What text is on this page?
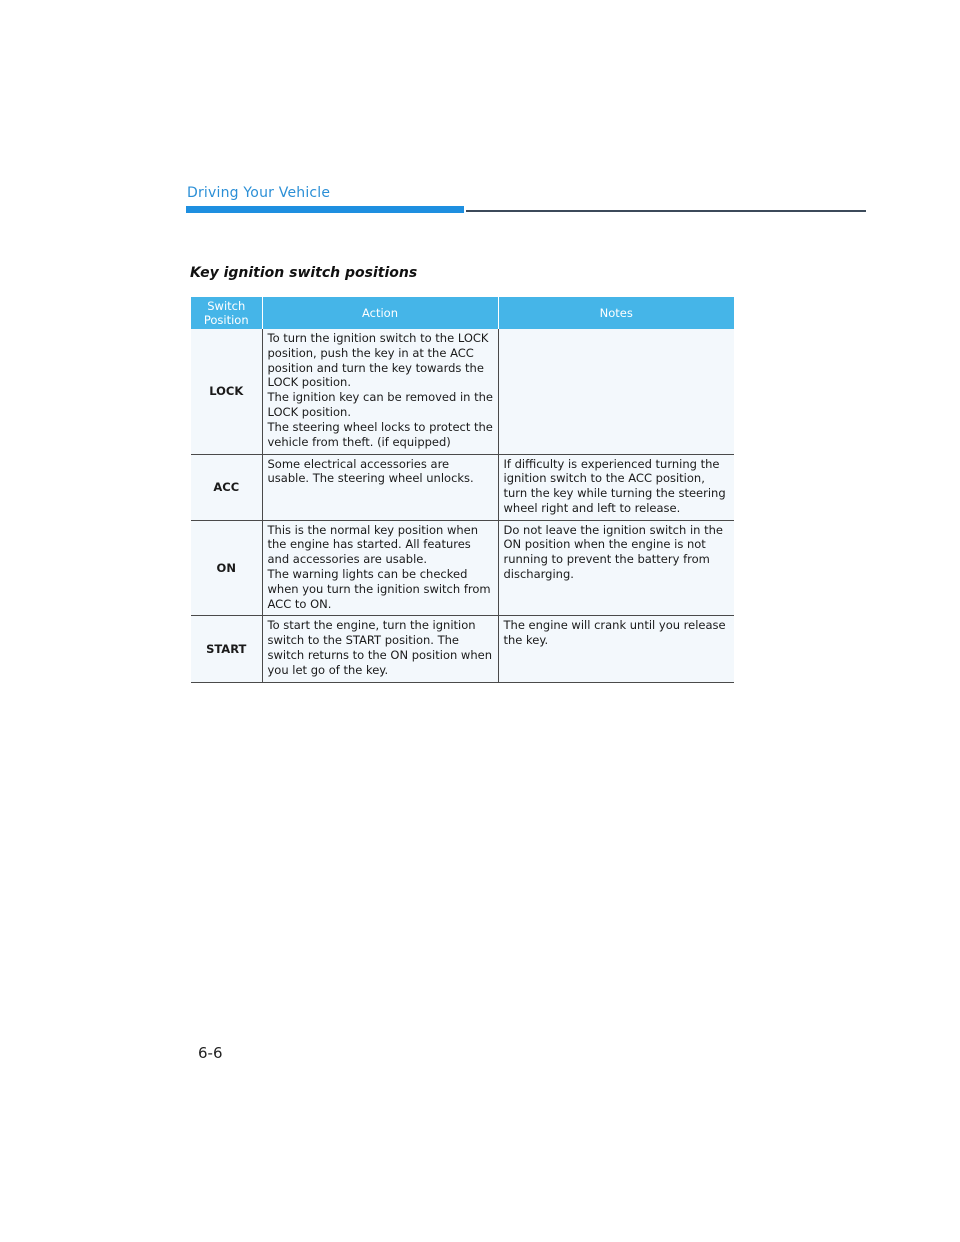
Driving Your Vehicle
Key ignition switch positions
Switch
Position	Action	Notes
LOCK	To turn the ignition switch to the LOCK position, push the key in at the ACC position and turn the key towards the LOCK position.
The ignition key can be removed in the LOCK position.
The steering wheel locks to protect the vehicle from theft. (if equipped)	
ACC	Some electrical accessories are usable. The steering wheel unlocks.	If difficulty is experienced turning the ignition switch to the ACC position, turn the key while turning the steering wheel right and left to release.
ON	This is the normal key position when the engine has started. All features and accessories are usable.
The warning lights can be checked when you turn the ignition switch from ACC to ON.	Do not leave the ignition switch in the ON position when the engine is not running to prevent the battery from discharging.
START	To start the engine, turn the ignition switch to the START position. The switch returns to the ON position when you let go of the key.	The engine will crank until you release the key.
6-6
